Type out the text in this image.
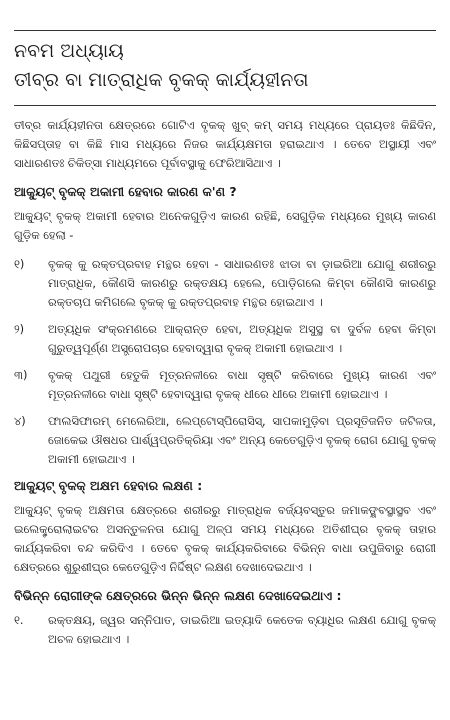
ନବମ ଅଧ୍ୟାୟ
ତୀବ୍ର ବା ମାତ୍ରାଧିକ ବୃକକ୍ କାର୍ଯ୍ୟହୀନତା

ତୀବ୍ର କାର୍ଯ୍ୟହୀନତା କ୍ଷେତ୍ରରେ ଗୋଟିଏ ବୃକକ୍ ଖୁବ୍ କମ୍ ସମୟ ମଧ୍ୟରେ ପ୍ରାୟତଃ କିଛିଦିନ, କିଛିସପ୍ତାହ ବା କିଛି ମାସ ମଧ୍ୟରେ ନିଜର କାର୍ଯ୍ୟକ୍ଷମତା ହରାଇଥାଏ । ତେବେ ଅସ୍ଥାୟୀ ଏବଂ ସାଧାରଣତଃ ଚିକିତ୍ସା ମାଧ୍ୟମରେ ପୂର୍ବାବସ୍ଥାକୁ ଫେରିଆସିଥାଏ ।

ଆକ୍ୟୁଟ୍ ବୃକକ୍ ଅକାମୀ ହେବାର କାରଣ କ'ଣ ?

ଆକ୍ୟୁଟ୍ ବୃକକ୍ ଅକାମୀ ହେବାର ଅନେକଗୁଡ଼ିଏ କାରଣ ରହିଛି, ସେଗୁଡ଼ିକ ମଧ୍ୟରେ ମୁଖ୍ୟ କାରଣ ଗୁଡ଼ିକ ହେଲା -

୧)	ବୃକକ୍ କୁ ରକ୍ତପ୍ରବାହ ମନ୍ଥର ହେବା - ସାଧାରଣତଃ ଝାଡା ବା ଡ଼ାଇରିଆ ଯୋଗୁ ଶରୀରରୁ ମାତ୍ରାଧିକ, କୌଣସି କାରଣରୁ ରକ୍ତକ୍ଷୟ ହେଲେ, ପୋଡ଼ିଗଲେ କିମ୍ବା କୌଣସି କାରଣରୁ ରକ୍ତଚାପ କମିଗଲେ ବୃକକ୍ କୁ ରକ୍ତପ୍ରବାହ ମନ୍ଥର ହୋଇଥାଏ ।
୨)	ଅତ୍ୟଧିକ ସଂକ୍ରମଣରେ ଆକ୍ରାନ୍ତ ହେବା, ଅତ୍ୟଧିକ ଅସୁସ୍ଥ ବା ଦୁର୍ବଳ ହେବା କିମ୍ବା ଗୁରୁତ୍ୱପୂର୍ଣ୍ଣ ଅସ୍ତ୍ରୋପଚାର ହେବାଦ୍ୱାରା ବୃକକ୍ ଅକାମୀ ହୋଇଥାଏ ।
୩)	ବୃକକ୍ ପଥୁରୀ ହେତୁକି ମୂତ୍ରନଳୀରେ ବାଧା ସୃଷ୍ଟି କରିବାରେ ମୁଖ୍ୟ କାରଣ ଏବଂ ମୂତ୍ରନଳୀରେ ବାଧା ସୃଷ୍ଟି ହେବାଦ୍ୱାରା ବୃକକ୍ ଧୀରେ ଧୀରେ ଅକାମୀ ହୋଇଥାଏ ।
୪)	ଫାଲସିଫାରମ୍ ମେଲେରିଆ, ଲେପ୍ଟୋସ୍ପିରୋସିସ୍, ସାପକାମୁଡ଼ିବା ପ୍ରସୂତିଜନିତ ଜଟିଳତା, ଜୋକେଇ ଔଷଧର ପାର୍ଶ୍ୱପ୍ରତିକ୍ରିୟା ଏବଂ ଅନ୍ୟ କେତେଗୁଡ଼ିଏ ବୃକକ୍ ରୋଗ ଯୋଗୁ ବୃକକ୍ ଅକାମୀ ହୋଇଥାଏ ।
ଆକ୍ୟୁଟ୍ ବୃକକ୍ ଅକ୍ଷମ ହେବାର ଲକ୍ଷଣ :

ଆକ୍ୟୁଟ୍ ବୃକକ୍ ଅକ୍ଷମତା କ୍ଷେତ୍ରରେ ଶରୀରରୁ ମାତ୍ରାଧିକ ବର୍ଜ୍ୟବସ୍ତୁର ଜମାକଙ୍କ୍ଷବସ୍ଥାସ୍ଥବ ଏବଂ ଇଲେକ୍ଟ୍ରୋଲାଇଟର ଅସନ୍ତୁଳନତା ଯୋଗୁ ଅଳ୍ପ ସମୟ ମଧ୍ୟରେ ଅତିଶୀଘ୍ର ବୃକକ୍ ତାହାର କାର୍ଯ୍ୟକରିବା ବନ୍ଦ କରିଦିଏ । ତେବେ ବୃକକ୍ କାର୍ଯ୍ୟକରିବାରେ ବିଭିନ୍ନ ବାଧା ଉପୁଜିବାରୁ ରୋଗୀ କ୍ଷେତ୍ରରେ ଶୁରୁଶୀଘ୍ର କେତେଗୁଡ଼ିଏ ନିର୍ଦ୍ଦିଷ୍ଟ ଲକ୍ଷଣ ଦେଖାଦେଇଥାଏ ।

ବିଭିନ୍ନ ରୋଗୀଙ୍କ କ୍ଷେତ୍ରରେ ଭିନ୍ନ ଭିନ୍ନ ଲକ୍ଷଣ ଦେଖାଦେଇଥାଏ :
୧.	ରକ୍ତକ୍ଷୟ, ଜ୍ୱର ସନ୍ନିପାତ, ଡାଇରିଆ ଇତ୍ୟାଦି କେତେକ ବ୍ୟାଧିର ଲକ୍ଷଣ ଯୋଗୁ ବୃକକ୍ ଅଚଳ ହୋଇଥାଏ ।
